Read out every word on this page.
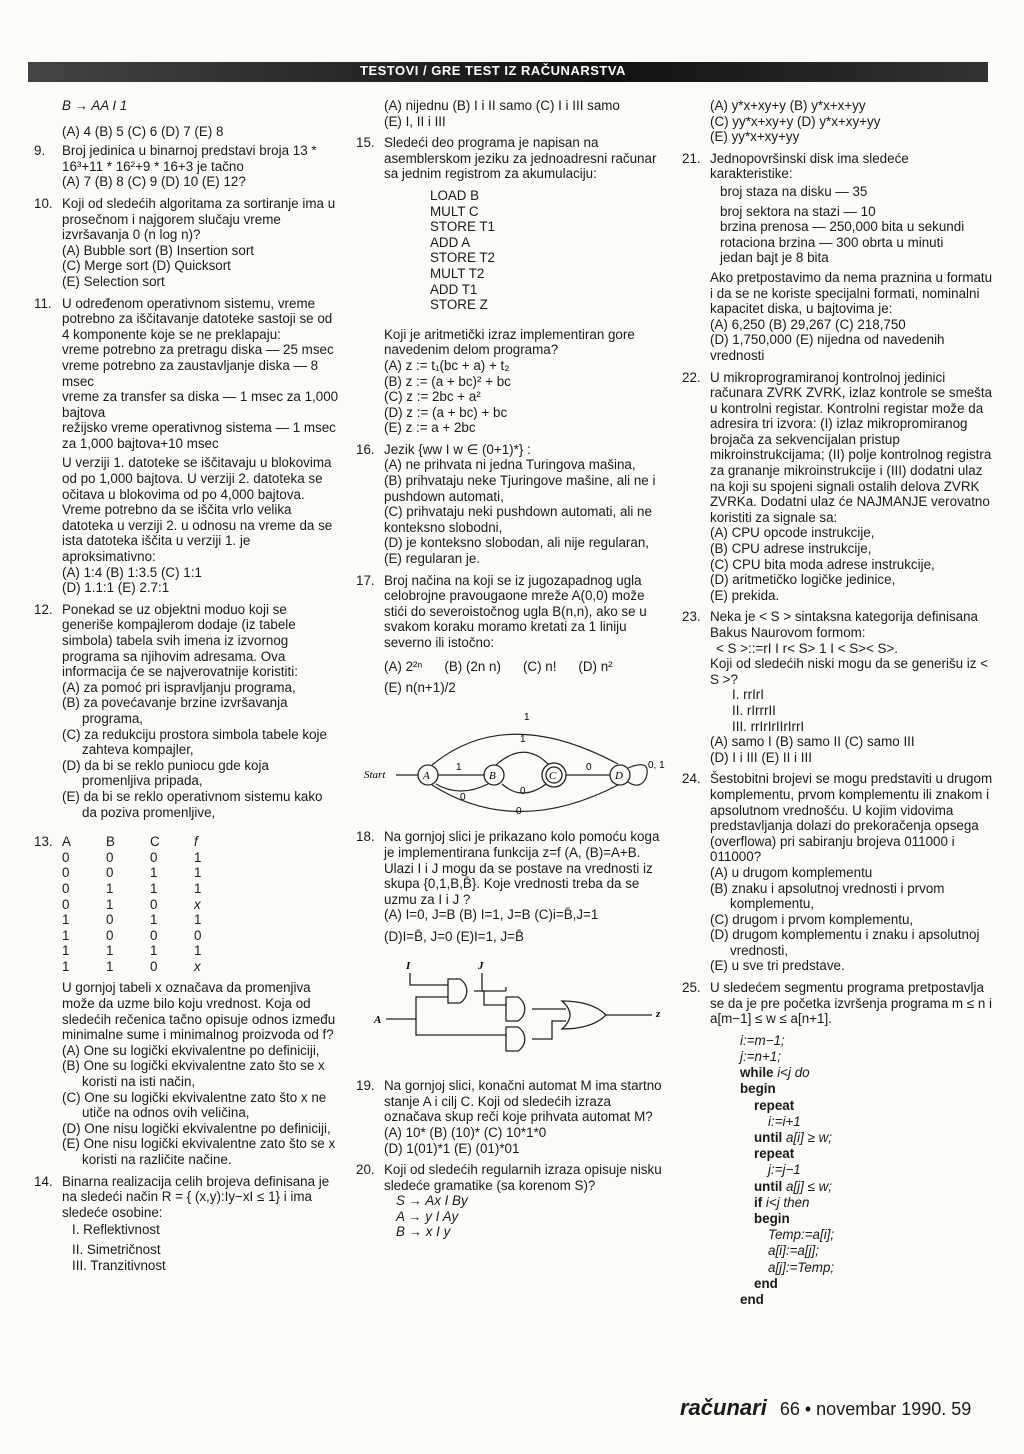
TESTOVI / GRE TEST IZ RAČUNARSTVA

B → AA I 1

(A) 4 (B) 5 (C) 6 (D) 7 (E) 8

9.	Broj jedinica u binarnoj predstavi broja 13 * 16³+11 * 16²+9 * 16+3 je tačno

(A) 7 (B) 8 (C) 9 (D) 10 (E) 12?

10. Koji od sledećih algoritama za sortiranje ima u prosečnom i najgorem slučaju vreme izvršavanja 0 (n log n)?

(A) Bubble sort (B) Insertion sort

(C) Merge sort (D) Quicksort

(E) Selection sort

11. U određenom operativnom sistemu, vreme potrebno za iščitavanje datoteke sastoji se od 4 komponente koje se ne preklapaju:

vreme potrebno za pretragu diska — 25 msec

vreme potrebno za zaustavljanje diska — 8 msec

vreme za transfer sa diska — 1 msec za 1,000 bajtova

režijsko vreme operativnog sistema — 1 msec za 1,000 bajtova+10 msec

U verziji 1. datoteke se iščitavaju u blokovima od po 1,000 bajtova. U verziji 2. datoteka se očitava u blokovima od po 4,000 bajtova. Vreme potrebno da se iščita vrlo velika datoteka u verziji 2. u odnosu na vreme da se ista datoteka iščita u verziji 1. je aproksimativno:

(A) 1:4 (B) 1:3.5 (C) 1:1

(D) 1.1:1 (E) 2.7:1

12. Ponekad se uz objektni moduo koji se generiše kompajlerom dodaje (iz tabele simbola) tabela svih imena iz izvornog programa sa njihovim adresama. Ova informacija će se najverovatnije koristiti:

(A) za pomoć pri ispravljanju programa,

(B) za povećavanje brzine izvršavanja programa,

(C) za redukciju prostora simbola tabele koje zahteva kompajler,

(D) da bi se reklo puniocu gde koja promenljiva pripada,

(E) da bi se reklo operativnom sistemu kako da poziva promenljive,

13. A	B	C	f
0	0	0	1
0	0	1	1
0	1	1	1
0	1	0	x
1	0	1	1
1	0	0	0
1	1	1	1
1	1	0	x

U gornjoj tabeli x označava da promenjiva može da uzme bilo koju vrednost. Koja od sledećih rečenica tačno opisuje odnos između minimalne sume i minimalnog proizvoda od f?

(A) One su logički ekvivalentne po definiciji,

(B) One su logički ekvivalentne zato što se x koristi na isti način,

(C) One su logički ekvivalentne zato što x ne utiče na odnos ovih veličina,

(D) One nisu logički ekvivalentne po definiciji,

(E) One nisu logički ekvivalentne zato što se x koristi na različite načine.

14. Binarna realizacija celih brojeva definisana je na sledeći način R = { (x,y):Iy−xI ≤ 1} i ima sledeće osobine:

I. Reflektivnost

II. Simetričnost

III. Tranzitivnost

(A) nijednu (B) I i II samo (C) I i III samo

(E) I, II i III

15. Sledeći deo programa je napisan na asemblerskom jeziku za jednoadresni računar sa jednim registrom za akumulaciju:

LOAD B
MULT C
STORE T1
ADD A
STORE T2
MULT T2
ADD T1
STORE Z

Koji je aritmetički izraz implementiran gore navedenim delom programa?

(A) z := t₁(bc + a) + t₂

(B) z := (a + bc)² + bc

(C) z := 2bc + a²

(D) z := (a + bc) + bc

(E) z := a + 2bc

16. Jezik {ww I w ∈ (0+1)*} :

(A) ne prihvata ni jedna Turingova mašina,

(B) prihvataju neke Tjuringove mašine, ali ne i pushdown automati,

(C) prihvataju neki pushdown automati, ali ne konteksno slobodni,

(D) je konteksno slobodan, ali nije regularan,

(E) regularan je.

17. Broj načina na koji se iz jugozapadnog ugla celobrojne pravougaone mreže A(0,0) može stići do severoistočnog ugla B(n,n), ako se u svakom koraku moramo kretati za 1 liniju severno ili istočno:

(A) 2²ⁿ (B) (2n n) (C) n! (D) n²

(E) n(n+1)/2

Start	A	B	C	D
1
1
0
1
0
0
0
0, 1
18. Na gornjoj slici je prikazano kolo pomoću koga je implementirana funkcija z=f (A, (B)=A+B. Ulazi I i J mogu da se postave na vrednosti iz skupa {0,1,B,B̄}. Koje vrednosti treba da se uzmu za I i J ?

(A) I=0, J=B (B) I=1, J=B (C)i=B̄,J=1

(D)I=B̄, J=0 (E)I=1, J=B̄

I	J
A	z
19. Na gornjoj slici, konačni automat M ima startno stanje A i cilj C. Koji od sledećih izraza označava skup reči koje prihvata automat M?

(A) 10* (B) (10)* (C) 10*1*0

(D) 1(01)*1 (E) (01)*01

20. Koji od sledećih regularnih izraza opisuje nisku sledeće gramatike (sa korenom S)?

S → Ax I By

A → y I Ay

B → x I y

(A) y*x+xy+y (B) y*x+x+yy

(C) yy*x+xy+y (D) y*x+xy+yy

(E) yy*x+xy+yy

21. Jednopovršinski disk ima sledeće karakteristike:

broj staza na disku — 35

broj sektora na stazi — 10

brzina prenosa — 250,000 bita u sekundi

rotaciona brzina — 300 obrta u minuti

jedan bajt je 8 bita

Ako pretpostavimo da nema praznina u formatu i da se ne koriste specijalni formati, nominalni kapacitet diska, u bajtovima je:

(A) 6,250 (B) 29,267 (C) 218,750

(D) 1,750,000 (E) nijedna od navedenih vrednosti

22. U mikroprogramiranoj kontrolnoj jedinici računara ZVRK ZVRK, izlaz kontrole se smešta u kontrolni registar. Kontrolni registar može da adresira tri izvora: (I) izlaz mikropromiranog brojača za sekvencijalan pristup mikroinstrukcijama; (II) polje kontrolnog registra za grananje mikroinstrukcije i (III) dodatni ulaz na koji su spojeni signali ostalih delova ZVRK ZVRKa. Dodatni ulaz će NAJMANJE verovatno koristiti za signale sa:

(A) CPU opcode instrukcije,

(B) CPU adrese instrukcije,

(C) CPU bita moda adrese instrukcije,

(D) aritmetičko logičke jedinice,

(E) prekida.

23. Neka je < S > sintaksna kategorija definisana Bakus Naurovom formom:

< S >::=rI I r< S> 1 I < S>< S>.

Koji od sledećih niski mogu da se generišu iz < S >?

I. rrIrI

II. rIrrrII

III. rrIrIrIIrIrrI

(A) samo I (B) samo II (C) samo III

(D) I i III (E) II i III

24. Šestobitni brojevi se mogu predstaviti u drugom komplementu, prvom komplementu ili znakom i apsolutnom vrednošću. U kojim vidovima predstavljanja dolazi do prekoračenja opsega (overflowa) pri sabiranju brojeva 011000 i 011000?

(A) u drugom komplementu

(B) znaku i apsolutnoj vrednosti i prvom komplementu,

(C) drugom i prvom komplementu,

(D) drugom komplementu i znaku i apsolutnoj vrednosti,

(E) u sve tri predstave.

25. U sledećem segmentu programa pretpostavlja se da je pre početka izvršenja programa m ≤ n i a[m−1] ≤ w ≤ a[n+1].

i:=m−1;
j:=n+1;
while i<j do
begin
repeat
i:=i+1
until a[i] ≥ w;
repeat
j:=j−1
until a[j] ≤ w;
if i<j then
begin
Temp:=a[i];
a[i]:=a[j];
a[j]:=Temp;
end
end
računari 66 • novembar 1990. 59
